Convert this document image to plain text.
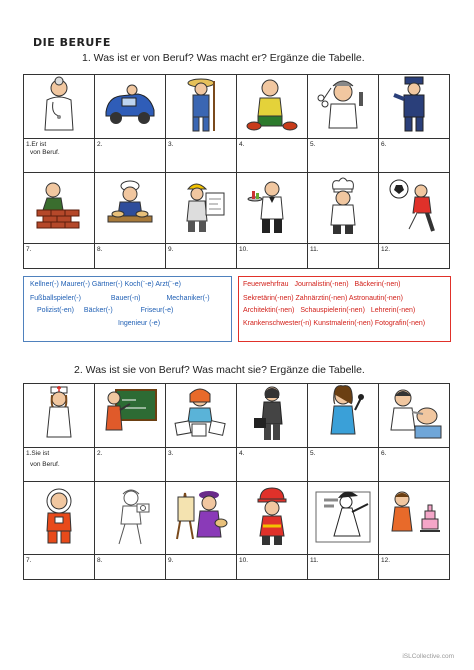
DIE BERUFE
1. Was ist er von Beruf? Was macht er? Ergänze die Tabelle.

1.Er ist
von Beruf.	2.	3.	4.	5.	6.

7.	8.	9.	10.	11.	12.
Kellner(-) Maurer(-) Gärtner(-) Koch(¨-e) Arzt(¨-e)
Fußballspieler(-)	Bauer(-n)	Mechaniker(-)
Polizist(-en) Bäcker(-)	Friseur(-e)
Ingenieur (-e)
Feuerwehrfrau Journalistin(-nen) Bäckerin(-nen)
Sekretärin(-nen) Zahnärztin(-nen) Astronautin(-nen)
Architektin(-nen) Schauspielerin(-nen) Lehrerin(-nen)
Krankenschwester(-n) Kunstmalerin(-nen) Fotografin(-nen)
2. Was ist sie von Beruf? Was macht sie? Ergänze die Tabelle.

1.Sie ist
von Beruf.	2.	3.	4.	5.	6.

7.	8.	9.	10.	11.	12.
iSLCollective.com
